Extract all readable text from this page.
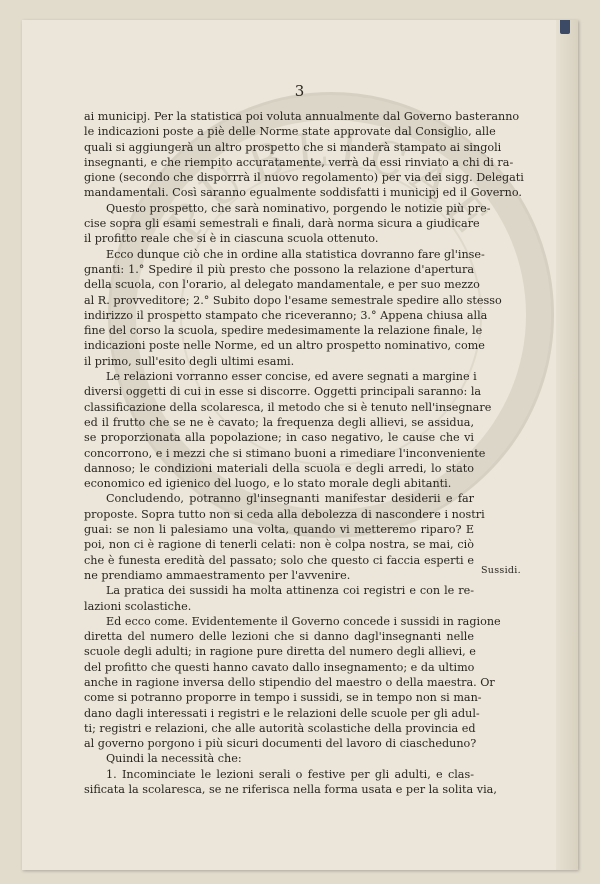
PUBLICAE
3
ai municipj. Per la statistica poi voluta annualmente dal Governo basteranno
le indicazioni poste a piè delle Norme state approvate dal Consiglio, alle
quali si aggiungerà un altro prospetto che si manderà stampato ai singoli
insegnanti, e che riempito accuratamente, verrà da essi rinviato a chi di ra-
gione (secondo che disporrrà il nuovo regolamento) per via dei sigg. Delegati
mandamentali. Così saranno egualmente soddisfatti i municipj ed il Governo.
Questo prospetto, che sarà nominativo, porgendo le notizie più pre-
cise sopra gli esami semestrali e finali, darà norma sicura a giudicare
il profitto reale che si è in ciascuna scuola ottenuto.
Ecco dunque ciò che in ordine alla statistica dovranno fare gl'inse-
gnanti: 1.° Spedire il più presto che possono la relazione d'apertura
della scuola, con l'orario, al delegato mandamentale, e per suo mezzo
al R. provveditore; 2.° Subito dopo l'esame semestrale spedire allo stesso
indirizzo il prospetto stampato che riceveranno; 3.° Appena chiusa alla
fine del corso la scuola, spedire medesimamente la relazione finale, le
indicazioni poste nelle Norme, ed un altro prospetto nominativo, come
il primo, sull'esito degli ultimi esami.
Le relazioni vorranno esser concise, ed avere segnati a margine i
diversi oggetti di cui in esse si discorre. Oggetti principali saranno: la
classificazione della scolaresca, il metodo che si è tenuto nell'insegnare
ed il frutto che se ne è cavato; la frequenza degli allievi, se assidua,
se proporzionata alla popolazione; in caso negativo, le cause che vi
concorrono, e i mezzi che si stimano buoni a rimediare l'inconveniente
dannoso; le condizioni materiali della scuola e degli arredi, lo stato
economico ed igienico del luogo, e lo stato morale degli abitanti.
Concludendo, potranno gl'insegnanti manifestar desiderii e far
proposte. Sopra tutto non si ceda alla debolezza di nascondere i nostri
guai: se non li palesiamo una volta, quando vi metteremo riparo? E
poi, non ci è ragione di tenerli celati: non è colpa nostra, se mai, ciò
che è funesta eredità del passato; solo che questo ci faccia esperti e
ne prendiamo ammaestramento per l'avvenire.
La pratica dei sussidi ha molta attinenza coi registri e con le re-
lazioni scolastiche.
Ed ecco come. Evidentemente il Governo concede i sussidi in ragione
diretta del numero delle lezioni che si danno dagl'insegnanti nelle
scuole degli adulti; in ragione pure diretta del numero degli allievi, e
del profitto che questi hanno cavato dallo insegnamento; e da ultimo
anche in ragione inversa dello stipendio del maestro o della maestra. Or
come si potranno proporre in tempo i sussidi, se in tempo non si man-
dano dagli interessati i registri e le relazioni delle scuole per gli adul-
ti; registri e relazioni, che alle autorità scolastiche della provincia ed
al governo porgono i più sicuri documenti del lavoro di ciascheduno?
Quindi la necessità che:
1. Incominciate le lezioni serali o festive per gli adulti, e clas-
sificata la scolaresca, se ne riferisca nella forma usata e per la solita via,
Sussidi.
